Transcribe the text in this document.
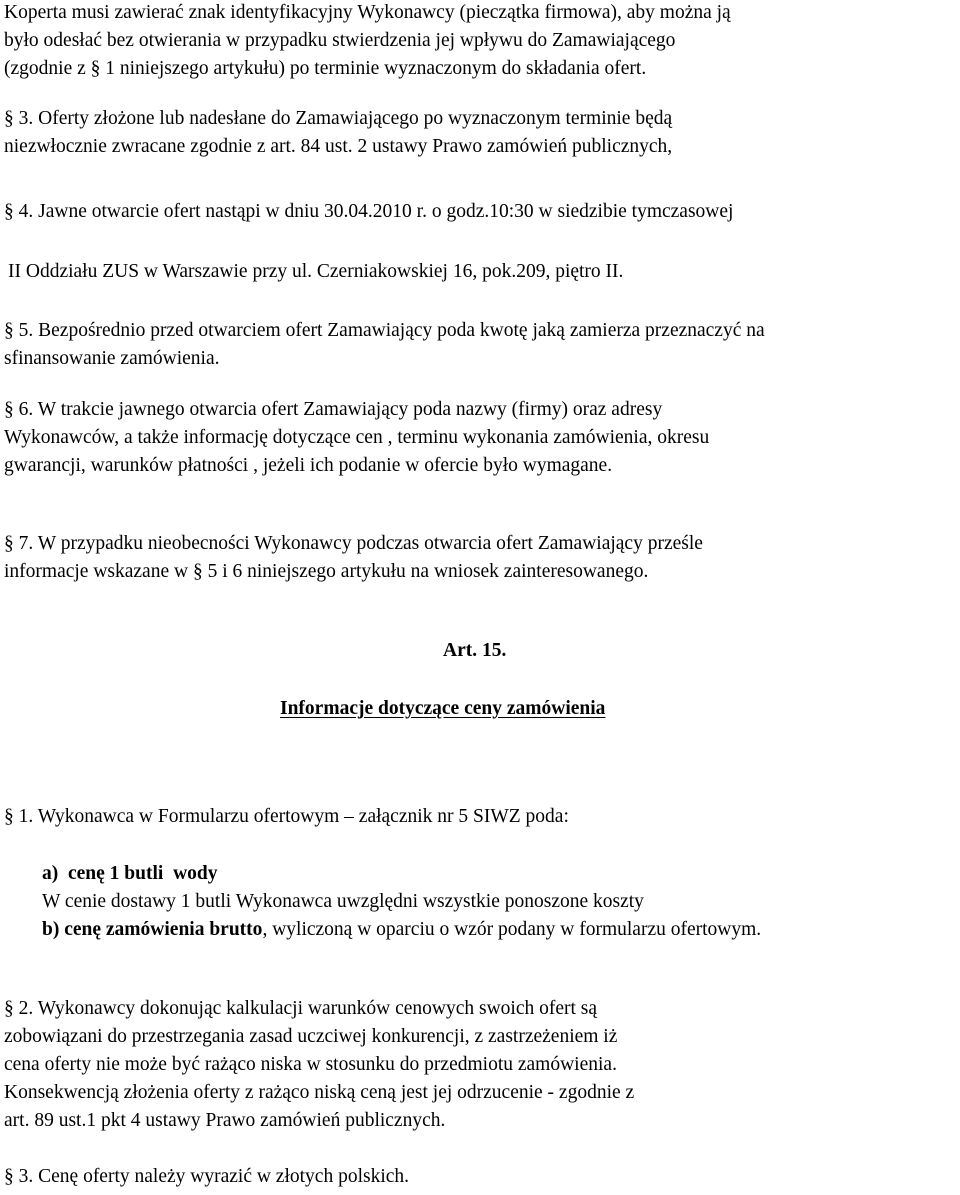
Koperta musi zawierać znak identyfikacyjny Wykonawcy (pieczątka firmowa), aby można ją
było odesłać bez otwierania w przypadku stwierdzenia jej wpływu do Zamawiającego
(zgodnie z § 1 niniejszego artykułu) po terminie wyznaczonym do składania ofert.
§ 3. Oferty złożone lub nadesłane do Zamawiającego po wyznaczonym terminie będą
niezwłocznie zwracane zgodnie z art. 84 ust. 2 ustawy Prawo zamówień publicznych,
§ 4. Jawne otwarcie ofert nastąpi w dniu 30.04.2010 r. o godz.10:30 w siedzibie tymczasowej
II Oddziału ZUS w Warszawie przy ul. Czerniakowskiej 16, pok.209, piętro II.
§ 5. Bezpośrednio przed otwarciem ofert Zamawiający poda kwotę jaką zamierza przeznaczyć na
sfinansowanie zamówienia.
§ 6. W trakcie jawnego otwarcia ofert Zamawiający poda nazwy (firmy) oraz adresy
Wykonawców, a także informację dotyczące cen , terminu wykonania zamówienia, okresu
gwarancji, warunków płatności , jeżeli ich podanie w ofercie było wymagane.
§ 7. W przypadku nieobecności Wykonawcy podczas otwarcia ofert Zamawiający prześle
informacje wskazane w § 5 i 6 niniejszego artykułu na wniosek zainteresowanego.
Art. 15.
Informacje dotyczące ceny zamówienia
§ 1. Wykonawca w Formularzu ofertowym – załącznik nr 5 SIWZ poda:
a)  cenę 1 butli  wody
W cenie dostawy 1 butli Wykonawca uwzględni wszystkie ponoszone koszty
b) cenę zamówienia brutto, wyliczoną w oparciu o wzór podany w formularzu ofertowym.
§ 2. Wykonawcy dokonując kalkulacji warunków cenowych swoich ofert są
zobowiązani do przestrzegania zasad uczciwej konkurencji, z zastrzeżeniem iż
cena oferty nie może być rażąco niska w stosunku do przedmiotu zamówienia.
Konsekwencją złożenia oferty z rażąco niską ceną jest jej odrzucenie - zgodnie z
art. 89 ust.1 pkt 4 ustawy Prawo zamówień publicznych.
§ 3. Cenę oferty należy wyrazić w złotych polskich.
